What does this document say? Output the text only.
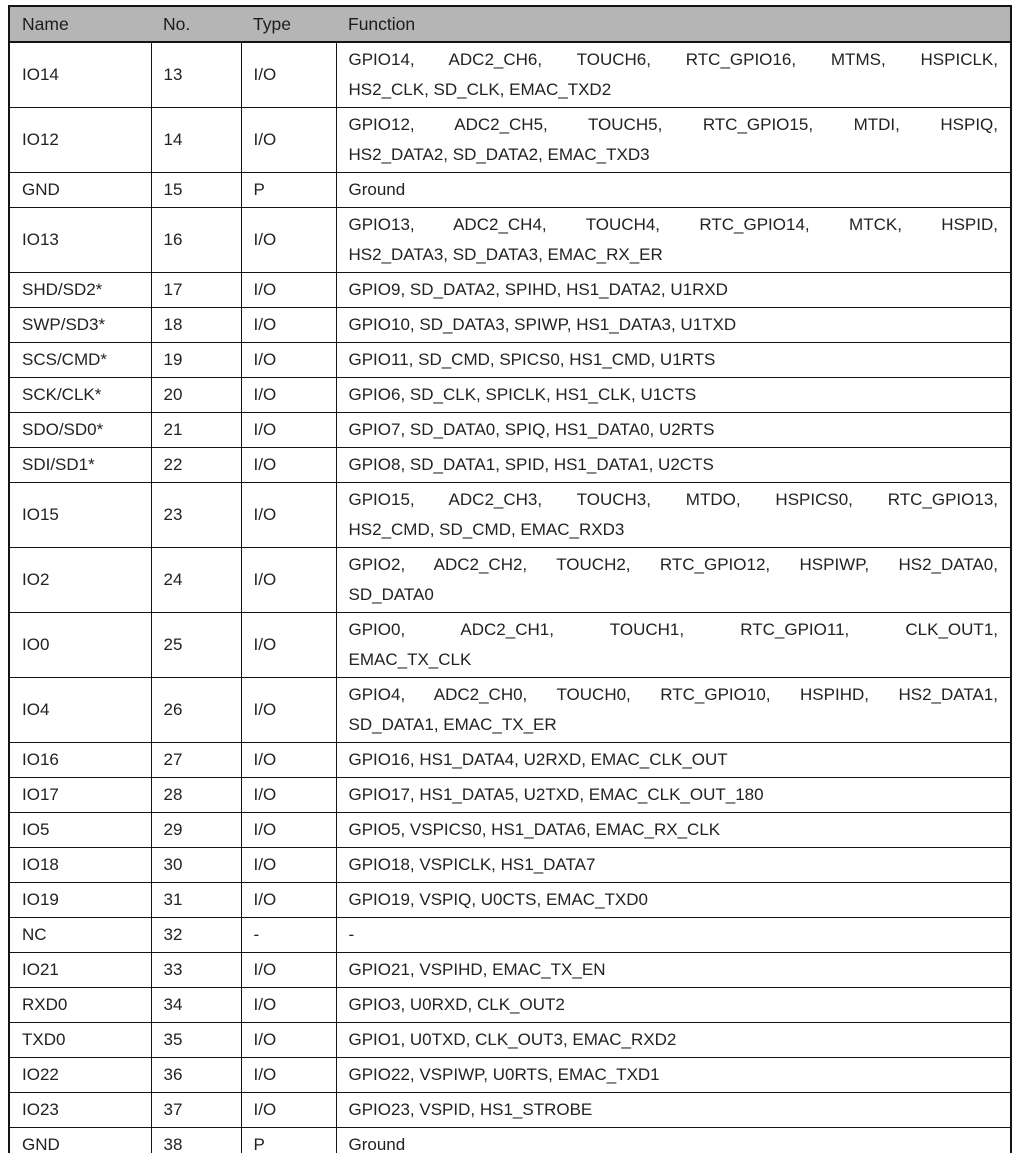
Name	No.	Type	Function
IO14	13	I/O	GPIO14, ADC2_CH6, TOUCH6, RTC_GPIO16, MTMS, HSPICLK,
HS2_CLK, SD_CLK, EMAC_TXD2

IO12	14	I/O	GPIO12, ADC2_CH5, TOUCH5, RTC_GPIO15, MTDI, HSPIQ,
HS2_DATA2, SD_DATA2, EMAC_TXD3

GND	15	P	Ground

IO13	16	I/O	GPIO13, ADC2_CH4, TOUCH4, RTC_GPIO14, MTCK, HSPID,
HS2_DATA3, SD_DATA3, EMAC_RX_ER

SHD/SD2*	17	I/O	GPIO9, SD_DATA2, SPIHD, HS1_DATA2, U1RXD

SWP/SD3*	18	I/O	GPIO10, SD_DATA3, SPIWP, HS1_DATA3, U1TXD

SCS/CMD*	19	I/O	GPIO11, SD_CMD, SPICS0, HS1_CMD, U1RTS

SCK/CLK*	20	I/O	GPIO6, SD_CLK, SPICLK, HS1_CLK, U1CTS

SDO/SD0*	21	I/O	GPIO7, SD_DATA0, SPIQ, HS1_DATA0, U2RTS

SDI/SD1*	22	I/O	GPIO8, SD_DATA1, SPID, HS1_DATA1, U2CTS

IO15	23	I/O	GPIO15, ADC2_CH3, TOUCH3, MTDO, HSPICS0, RTC_GPIO13,
HS2_CMD, SD_CMD, EMAC_RXD3

IO2	24	I/O	GPIO2, ADC2_CH2, TOUCH2, RTC_GPIO12, HSPIWP, HS2_DATA0,
SD_DATA0

IO0	25	I/O	GPIO0, ADC2_CH1, TOUCH1, RTC_GPIO11, CLK_OUT1,
EMAC_TX_CLK

IO4	26	I/O	GPIO4, ADC2_CH0, TOUCH0, RTC_GPIO10, HSPIHD, HS2_DATA1,
SD_DATA1, EMAC_TX_ER

IO16	27	I/O	GPIO16, HS1_DATA4, U2RXD, EMAC_CLK_OUT

IO17	28	I/O	GPIO17, HS1_DATA5, U2TXD, EMAC_CLK_OUT_180

IO5	29	I/O	GPIO5, VSPICS0, HS1_DATA6, EMAC_RX_CLK

IO18	30	I/O	GPIO18, VSPICLK, HS1_DATA7

IO19	31	I/O	GPIO19, VSPIQ, U0CTS, EMAC_TXD0

NC	32	-	-

IO21	33	I/O	GPIO21, VSPIHD, EMAC_TX_EN

RXD0	34	I/O	GPIO3, U0RXD, CLK_OUT2

TXD0	35	I/O	GPIO1, U0TXD, CLK_OUT3, EMAC_RXD2

IO22	36	I/O	GPIO22, VSPIWP, U0RTS, EMAC_TXD1

IO23	37	I/O	GPIO23, VSPID, HS1_STROBE

GND	38	P	Ground
